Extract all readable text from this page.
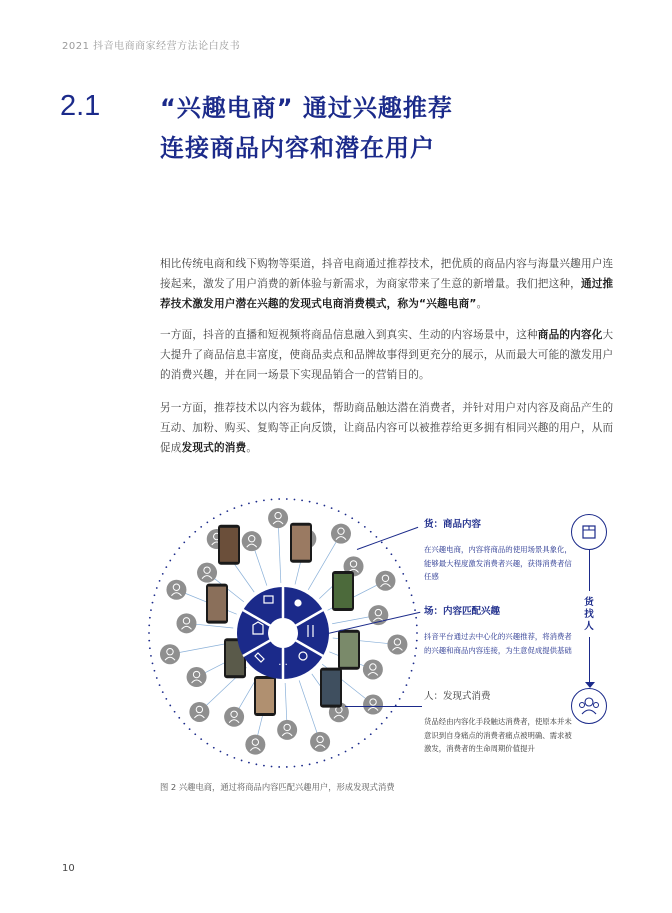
2021 抖音电商商家经营方法论白皮书
2.1 “兴趣电商” 通过兴趣推荐
连接商品内容和潜在用户
相比传统电商和线下购物等渠道，抖音电商通过推荐技术，把优质的商品内容与海量兴趣用户连接起来，激发了用户消费的新体验与新需求，为商家带来了生意的新增量。我们把这种，通过推荐技术激发用户潜在兴趣的发现式电商消费模式，称为“兴趣电商”。
一方面，抖音的直播和短视频将商品信息融入到真实、生动的内容场景中，这种商品的内容化大大提升了商品信息丰富度，使商品卖点和品牌故事得到更充分的展示，从而最大可能的激发用户的消费兴趣，并在同一场景下实现品销合一的营销目的。
另一方面，推荐技术以内容为载体，帮助商品触达潜在消费者，并针对用户对内容及商品产生的互动、加粉、购买、复购等正向反馈，让商品内容可以被推荐给更多拥有相同兴趣的用户，从而促成发现式的消费。
...
货：商品内容
在兴趣电商，内容将商品的使用场景具象化，能够最大程度激发消费者兴趣，获得消费者信任感
场：内容匹配兴趣
抖音平台通过去中心化的兴趣推荐，将消费者的兴趣和商品内容连接，为生意促成提供基础
人：发现式消费
货品经由内容化手段触达消费者，使原本并未意识到自身痛点的消费者痛点被明确、需求被激发，消费者的生命周期价值提升
货找人
图 2 兴趣电商，通过将商品内容匹配兴趣用户，形成发现式消费
10
